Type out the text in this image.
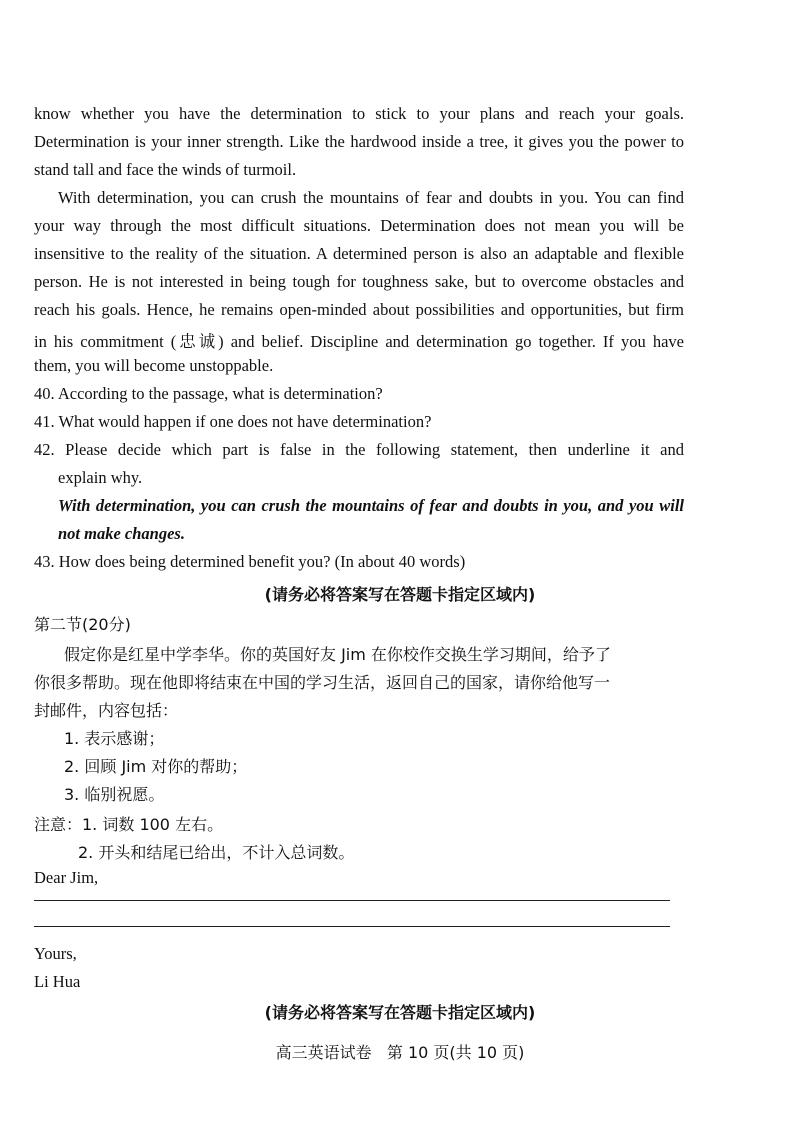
know whether you have the determination to stick to your plans and reach your goals.
Determination is your inner strength. Like the hardwood inside a tree, it gives you the power to
stand tall and face the winds of turmoil.
With determination, you can crush the mountains of fear and doubts in you. You can find
your way through the most difficult situations. Determination does not mean you will be
insensitive to the reality of the situation. A determined person is also an adaptable and flexible
person. He is not interested in being tough for toughness sake, but to overcome obstacles and
reach his goals. Hence, he remains open-minded about possibilities and opportunities, but firm
in his commitment (忠诚) and belief. Discipline and determination go together. If you have
them, you will become unstoppable.
40. According to the passage, what is determination?
41. What would happen if one does not have determination?
42. Please decide which part is false in the following statement, then underline it and
explain why.
With determination, you can crush the mountains of fear and doubts in you, and you will
not make changes.
43. How does being determined benefit you? (In about 40 words)
(请务必将答案写在答题卡指定区域内)
第二节(20分)
假定你是红星中学李华。你的英国好友 Jim 在你校作交换生学习期间，给予了
你很多帮助。现在他即将结束在中国的学习生活，返回自己的国家，请你给他写一
封邮件，内容包括：
1. 表示感谢；
2. 回顾 Jim 对你的帮助；
3. 临别祝愿。
注意：1. 词数 100 左右。
2. 开头和结尾已给出，不计入总词数。
Dear Jim,
Yours,
Li Hua
(请务必将答案写在答题卡指定区域内)
高三英语试卷   第 10 页(共 10 页)
